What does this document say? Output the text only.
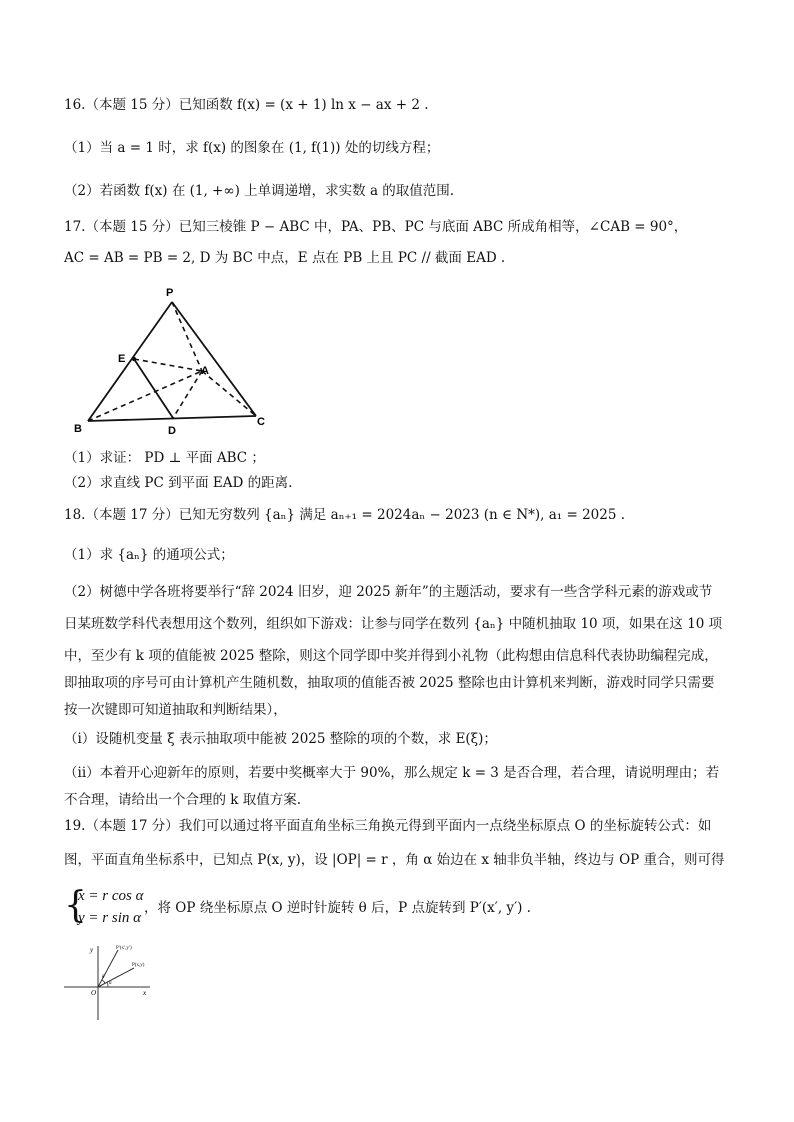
16.（本题 15 分）已知函数 f(x) = (x + 1) ln x − ax + 2 .
（1）当 a = 1 时，求 f(x) 的图象在 (1, f(1)) 处的切线方程；
（2）若函数 f(x) 在 (1, +∞) 上单调递增，求实数 a 的取值范围.
17.（本题 15 分）已知三棱锥 P − ABC 中，PA、PB、PC 与底面 ABC 所成角相等，∠CAB = 90°，
AC = AB = PB = 2, D 为 BC 中点，E 点在 PB 上且 PC // 截面 EAD .
P
E
A
B
C
D
（1）求证： PD ⊥ 平面 ABC ；
（2）求直线 PC 到平面 EAD 的距离.
18.（本题 17 分）已知无穷数列 {aₙ} 满足 aₙ₊₁ = 2024aₙ − 2023 (n ∈ N*), a₁ = 2025 .
（1）求 {aₙ} 的通项公式；
（2）树德中学各班将要举行“辞 2024 旧岁，迎 2025 新年”的主题活动，要求有一些含学科元素的游戏或节
日某班数学科代表想用这个数列，组织如下游戏：让参与同学在数列 {aₙ} 中随机抽取 10 项，如果在这 10 项
中，至少有 k 项的值能被 2025 整除，则这个同学即中奖并得到小礼物（此构想由信息科代表协助编程完成，
即抽取项的序号可由计算机产生随机数，抽取项的值能否被 2025 整除也由计算机来判断，游戏时同学只需要
按一次键即可知道抽取和判断结果），
（i）设随机变量 ξ 表示抽取项中能被 2025 整除的项的个数，求 E(ξ)；
（ii）本着开心迎新年的原则，若要中奖概率大于 90%，那么规定 k = 3 是否合理，若合理，请说明理由；若
不合理，请给出一个合理的 k 取值方案.
19.（本题 17 分）我们可以通过将平面直角坐标三角换元得到平面内一点绕坐标原点 O 的坐标旋转公式：如
图，平面直角坐标系中，已知点 P(x, y)，设 |OP| = r ，角 α 始边在 x 轴非负半轴，终边与 OP 重合，则可得
{
x = r cos α
y = r sin α
，将 OP 绕坐标原点 O 逆时针旋转 θ 后，P 点旋转到 P′(x′, y′) .
y
x
O
P′(x′,y′)
P(x,y)
θ
α
